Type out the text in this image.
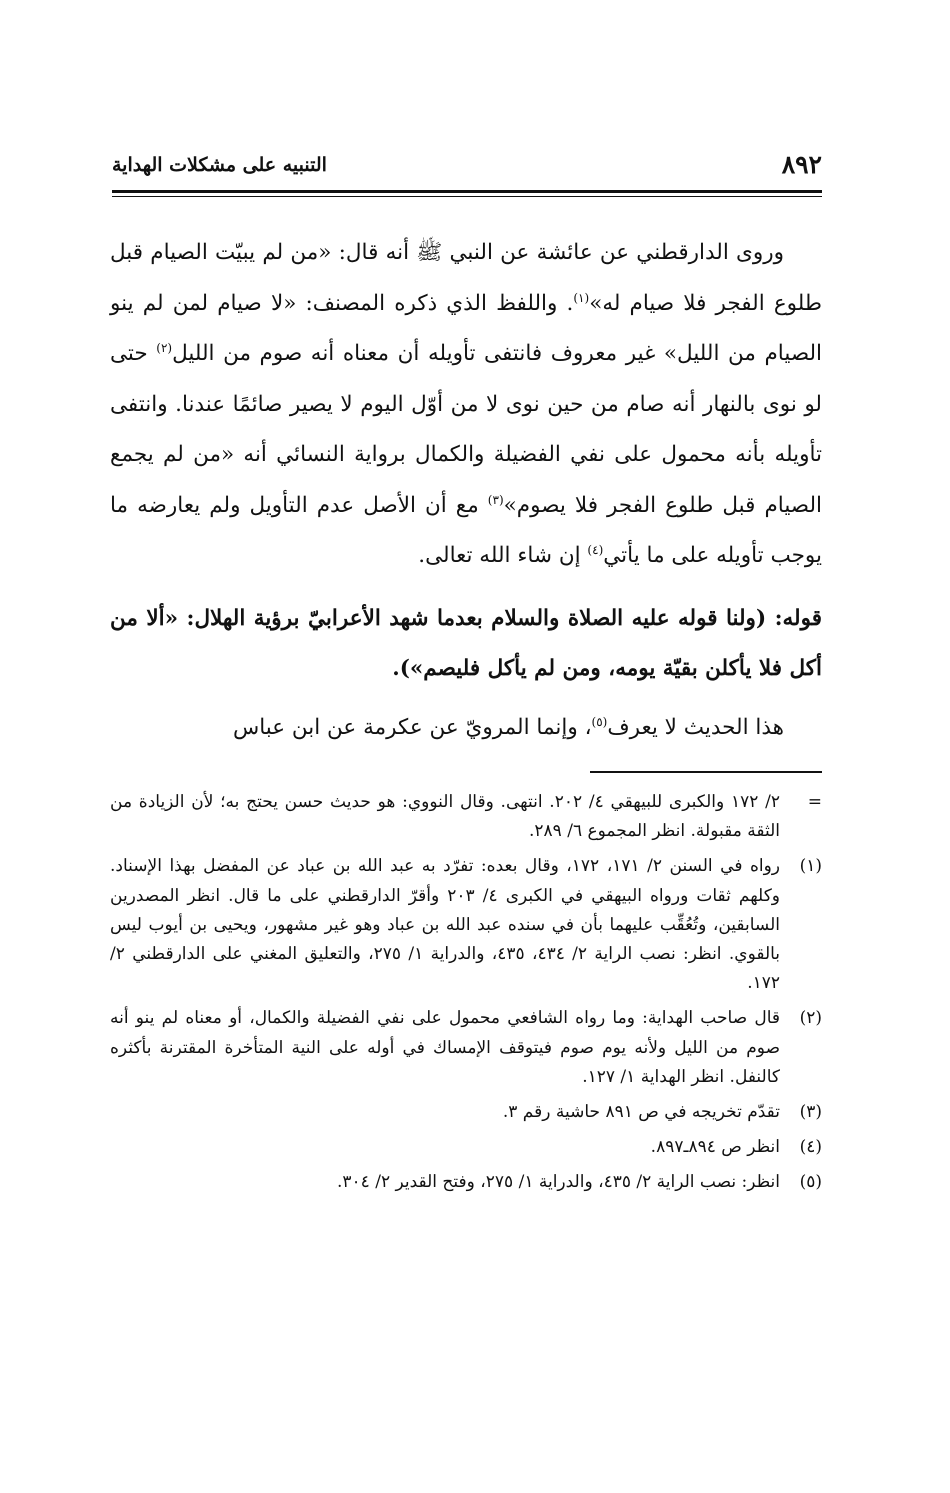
٨٩٢
التنبيه على مشكلات الهداية

وروى الدارقطني عن عائشة عن النبي ﷺ أنه قال: «من لم يبيّت الصيام قبل طلوع الفجر فلا صيام له»$^{(١)}$. واللفظ الذي ذكره المصنف: «لا صيام لمن لم ينو الصيام من الليل» غير معروف فانتفى تأويله أن معناه أنه صوم من الليل$^{(٢)}$ حتى لو نوى بالنهار أنه صام من حين نوى لا من أوّل اليوم لا يصير صائمًا عندنا. وانتفى تأويله بأنه محمول على نفي الفضيلة والكمال برواية النسائي أنه «من لم يجمع الصيام قبل طلوع الفجر فلا يصوم»$^{(٣)}$ مع أن الأصل عدم التأويل ولم يعارضه ما يوجب تأويله على ما يأتي$^{(٤)}$ إن شاء الله تعالى.

قوله: (ولنا قوله عليه الصلاة والسلام بعدما شهد الأعرابيّ برؤية الهلال: «ألا من أكل فلا يأكلن بقيّة يومه، ومن لم يأكل فليصم»).

هذا الحديث لا يعرف$^{(٥)}$، وإنما المرويّ عن عكرمة عن ابن عباس

=
٢/ ١٧٢ والكبرى للبيهقي ٤/ ٢٠٢. انتهى. وقال النووي: هو حديث حسن يحتج به؛ لأن الزيادة من الثقة مقبولة. انظر المجموع ٦/ ٢٨٩.
(١)
رواه في السنن ٢/ ١٧١، ١٧٢، وقال بعده: تفرّد به عبد الله بن عباد عن المفضل بهذا الإسناد. وكلهم ثقات ورواه البيهقي في الكبرى ٤/ ٢٠٣ وأقرّ الدارقطني على ما قال. انظر المصدرين السابقين، وتُعُقِّب عليهما بأن في سنده عبد الله بن عباد وهو غير مشهور، ويحيى بن أيوب ليس بالقوي. انظر: نصب الراية ٢/ ٤٣٤، ٤٣٥، والدراية ١/ ٢٧٥، والتعليق المغني على الدارقطني ٢/ ١٧٢.
(٢)
قال صاحب الهداية: وما رواه الشافعي محمول على نفي الفضيلة والكمال، أو معناه لم ينو أنه صوم من الليل ولأنه يوم صوم فيتوقف الإمساك في أوله على النية المتأخرة المقترنة بأكثره كالنفل. انظر الهداية ١/ ١٢٧.
(٣)
تقدّم تخريجه في ص ٨٩١ حاشية رقم ٣.
(٤)
انظر ص ٨٩٤ـ٨٩٧.
(٥)
انظر: نصب الراية ٢/ ٤٣٥، والدراية ١/ ٢٧٥، وفتح القدير ٢/ ٣٠٤.
